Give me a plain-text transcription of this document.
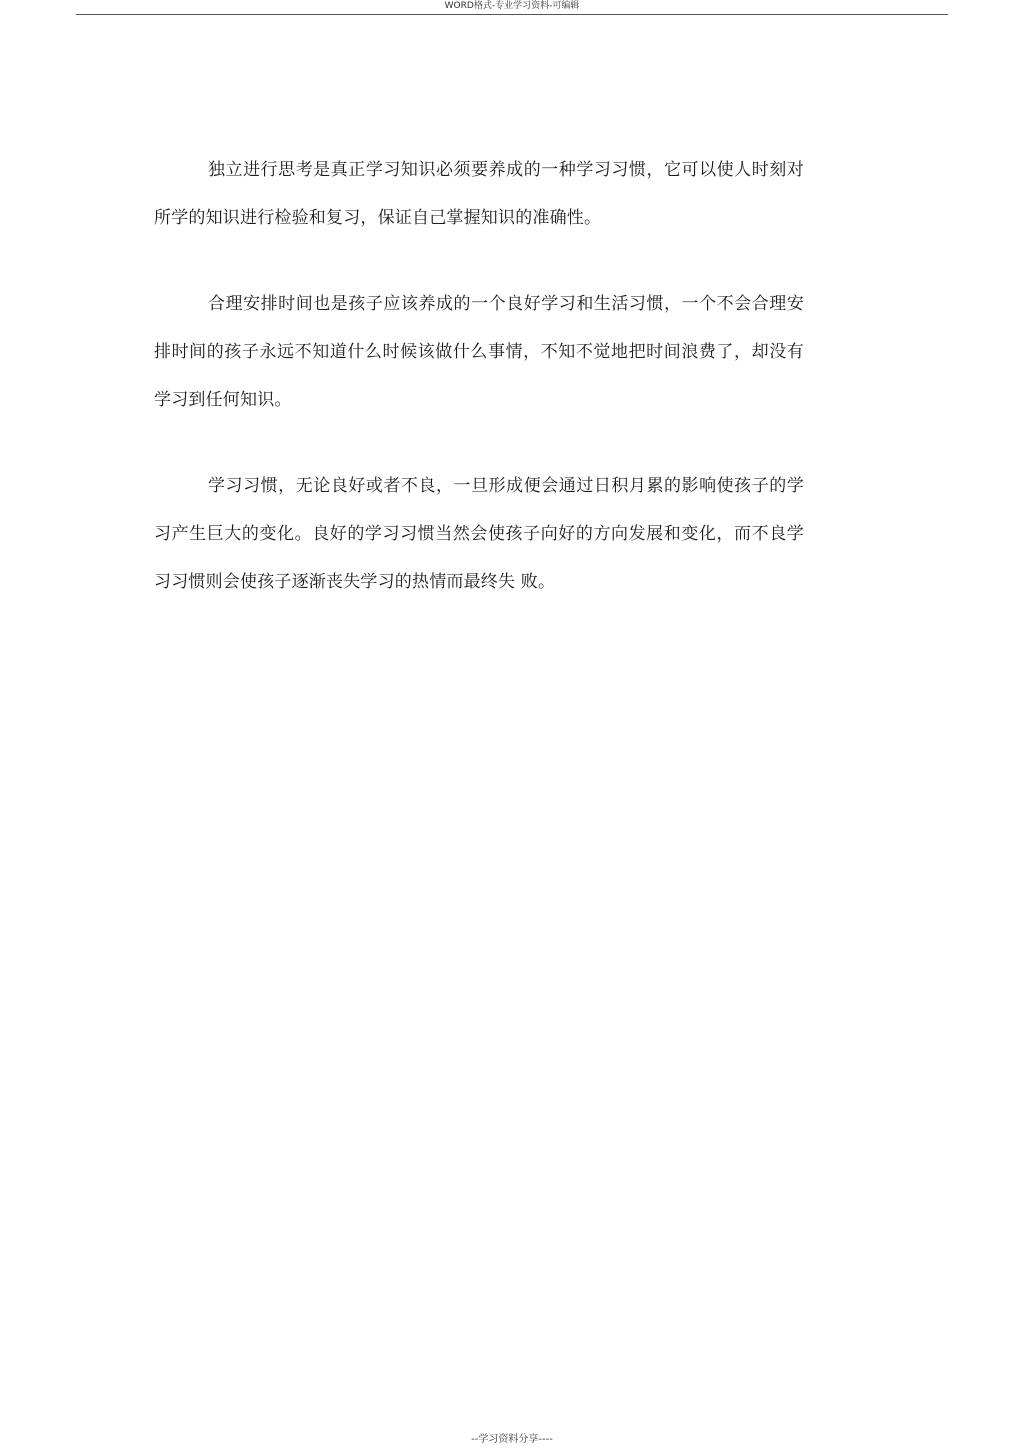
WORD格式-专业学习资料-可编辑

独立进行思考是真正学习知识必须要养成的一种学习习惯，它可以使人时刻对所学的知识进行检验和复习，保证自己掌握知识的准确性。

合理安排时间也是孩子应该养成的一个良好学习和生活习惯，一个不会合理安排时间的孩子永远不知道什么时候该做什么事情，不知不觉地把时间浪费了，却没有学习到任何知识。

学习习惯，无论良好或者不良，一旦形成便会通过日积月累的影响使孩子的学习产生巨大的变化。良好的学习习惯当然会使孩子向好的方向发展和变化，而不良学习习惯则会使孩子逐渐丧失学习的热情而最终失 败。

--学习资料分享----
